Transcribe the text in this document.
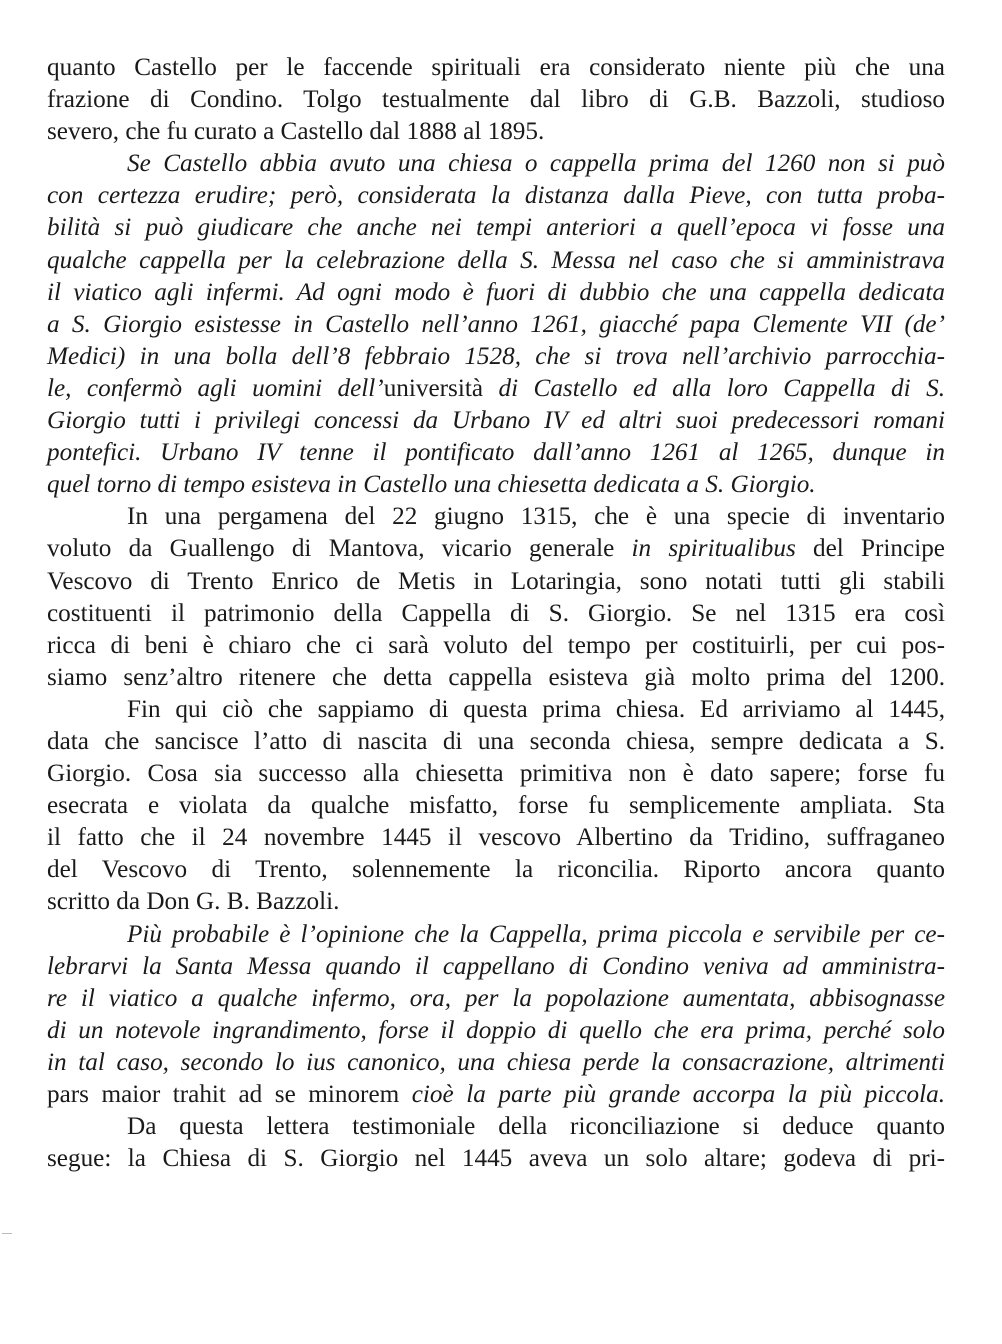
quanto Castello per le faccende spirituali era considerato niente più che una
frazione di Condino. Tolgo testualmente dal libro di G.B. Bazzoli, studioso
severo, che fu curato a Castello dal 1888 al 1895.

Se Castello abbia avuto una chiesa o cappella prima del 1260 non si può
con certezza erudire; però, considerata la distanza dalla Pieve, con tutta proba-
bilità si può giudicare che anche nei tempi anteriori a quell’epoca vi fosse una
qualche cappella per la celebrazione della S. Messa nel caso che si amministrava
il viatico agli infermi. Ad ogni modo è fuori di dubbio che una cappella dedicata
a S. Giorgio esistesse in Castello nell’anno 1261, giacché papa Clemente VII (de’
Medici) in una bolla dell’8 febbraio 1528, che si trova nell’archivio parrocchia-
le, confermò agli uomini dell’università di Castello ed alla loro Cappella di S.
Giorgio tutti i privilegi concessi da Urbano IV ed altri suoi predecessori romani
pontefici. Urbano IV tenne il pontificato dall’anno 1261 al 1265, dunque in
quel torno di tempo esisteva in Castello una chiesetta dedicata a S. Giorgio.

In una pergamena del 22 giugno 1315, che è una specie di inventario
voluto da Guallengo di Mantova, vicario generale in spiritualibus del Principe
Vescovo di Trento Enrico de Metis in Lotaringia, sono notati tutti gli stabili
costituenti il patrimonio della Cappella di S. Giorgio. Se nel 1315 era così
ricca di beni è chiaro che ci sarà voluto del tempo per costituirli, per cui pos-
siamo senz’altro ritenere che detta cappella esisteva già molto prima del 1200.

Fin qui ciò che sappiamo di questa prima chiesa. Ed arriviamo al 1445,
data che sancisce l’atto di nascita di una seconda chiesa, sempre dedicata a S.
Giorgio. Cosa sia successo alla chiesetta primitiva non è dato sapere; forse fu
esecrata e violata da qualche misfatto, forse fu semplicemente ampliata. Sta
il fatto che il 24 novembre 1445 il vescovo Albertino da Tridino, suffraganeo
del Vescovo di Trento, solennemente la riconcilia. Riporto ancora quanto
scritto da Don G. B. Bazzoli.

Più probabile è l’opinione che la Cappella, prima piccola e servibile per ce-
lebrarvi la Santa Messa quando il cappellano di Condino veniva ad amministra-
re il viatico a qualche infermo, ora, per la popolazione aumentata, abbisognasse
di un notevole ingrandimento, forse il doppio di quello che era prima, perché solo
in tal caso, secondo lo ius canonico, una chiesa perde la consacrazione, altrimenti
pars maior trahit ad se minorem cioè la parte più grande accorpa la più piccola.

Da questa lettera testimoniale della riconciliazione si deduce quanto
segue: la Chiesa di S. Giorgio nel 1445 aveva un solo altare; godeva di pri-
